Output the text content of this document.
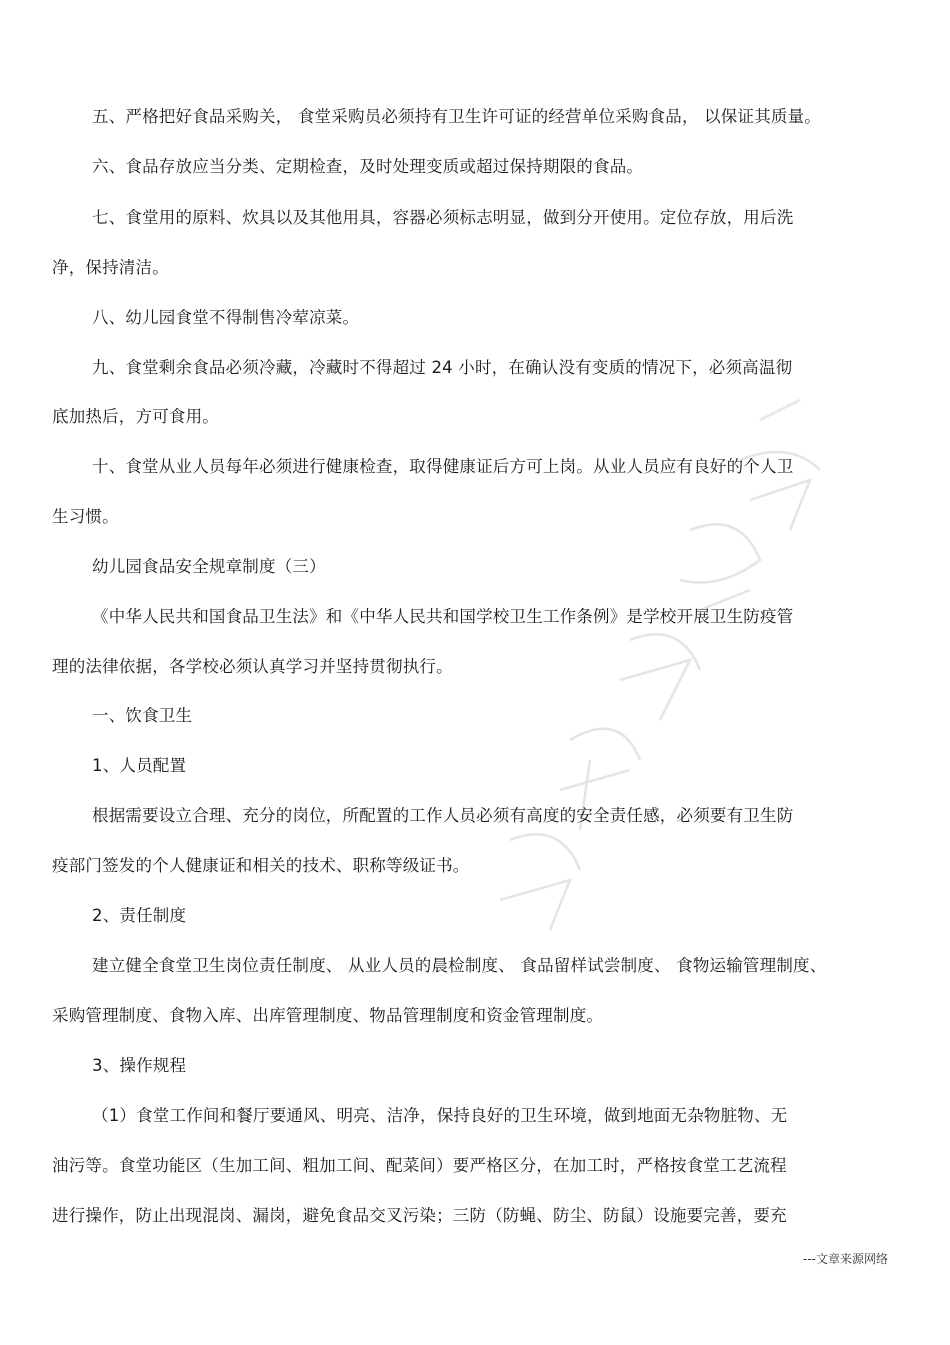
五、严格把好食品采购关， 食堂采购员必须持有卫生许可证的经营单位采购食品， 以保证其质量。
六、食品存放应当分类、定期检查，及时处理变质或超过保持期限的食品。
七、食堂用的原料、炊具以及其他用具，容器必须标志明显，做到分开使用。定位存放，用后洗
净，保持清洁。
八、幼儿园食堂不得制售冷荤凉菜。
九、食堂剩余食品必须冷藏，冷藏时不得超过 24 小时，在确认没有变质的情况下，必须高温彻
底加热后，方可食用。
十、食堂从业人员每年必须进行健康检查，取得健康证后方可上岗。从业人员应有良好的个人卫
生习惯。
幼儿园食品安全规章制度（三）
《中华人民共和国食品卫生法》和《中华人民共和国学校卫生工作条例》是学校开展卫生防疫管
理的法律依据，各学校必须认真学习并坚持贯彻执行。
一、饮食卫生
1、人员配置
根据需要设立合理、充分的岗位，所配置的工作人员必须有高度的安全责任感，必须要有卫生防
疫部门签发的个人健康证和相关的技术、职称等级证书。
2、责任制度
建立健全食堂卫生岗位责任制度、 从业人员的晨检制度、 食品留样试尝制度、 食物运输管理制度、
采购管理制度、食物入库、出库管理制度、物品管理制度和资金管理制度。
3、操作规程
（1）食堂工作间和餐厅要通风、明亮、洁净，保持良好的卫生环境，做到地面无杂物脏物、无
油污等。食堂功能区（生加工间、粗加工间、配菜间）要严格区分，在加工时，严格按食堂工艺流程
进行操作，防止出现混岗、漏岗，避免食品交叉污染；三防（防蝇、防尘、防鼠）设施要完善，要充
---文章来源网络
